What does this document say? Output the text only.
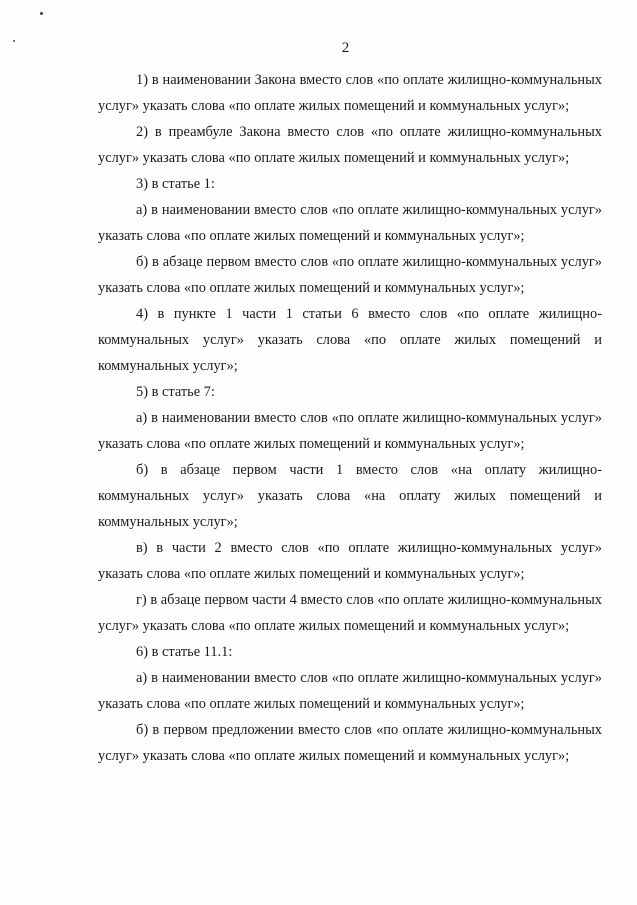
2

1) в наименовании Закона вместо слов «по оплате жилищно-коммунальных услуг» указать слова «по оплате жилых помещений и коммунальных услуг»;

2) в преамбуле Закона вместо слов «по оплате жилищно-коммунальных услуг» указать слова «по оплате жилых помещений и коммунальных услуг»;

3) в статье 1:

а) в наименовании вместо слов «по оплате жилищно-коммунальных услуг» указать слова «по оплате жилых помещений и коммунальных услуг»;

б) в абзаце первом вместо слов «по оплате жилищно-коммунальных услуг» указать слова «по оплате жилых помещений и коммунальных услуг»;

4) в пункте 1 части 1 статьи 6 вместо слов «по оплате жилищно-коммунальных услуг» указать слова «по оплате жилых помещений и коммунальных услуг»;

5) в статье 7:

а) в наименовании вместо слов «по оплате жилищно-коммунальных услуг» указать слова «по оплате жилых помещений и коммунальных услуг»;

б) в абзаце первом части 1 вместо слов «на оплату жилищно-коммунальных услуг» указать слова «на оплату жилых помещений и коммунальных услуг»;

в) в части 2 вместо слов «по оплате жилищно-коммунальных услуг» указать слова «по оплате жилых помещений и коммунальных услуг»;

г) в абзаце первом части 4 вместо слов «по оплате жилищно-коммунальных услуг» указать слова «по оплате жилых помещений и коммунальных услуг»;

6) в статье 11.1:

а) в наименовании вместо слов «по оплате жилищно-коммунальных услуг» указать слова «по оплате жилых помещений и коммунальных услуг»;

б) в первом предложении вместо слов «по оплате жилищно-коммунальных услуг» указать слова «по оплате жилых помещений и коммунальных услуг»;
